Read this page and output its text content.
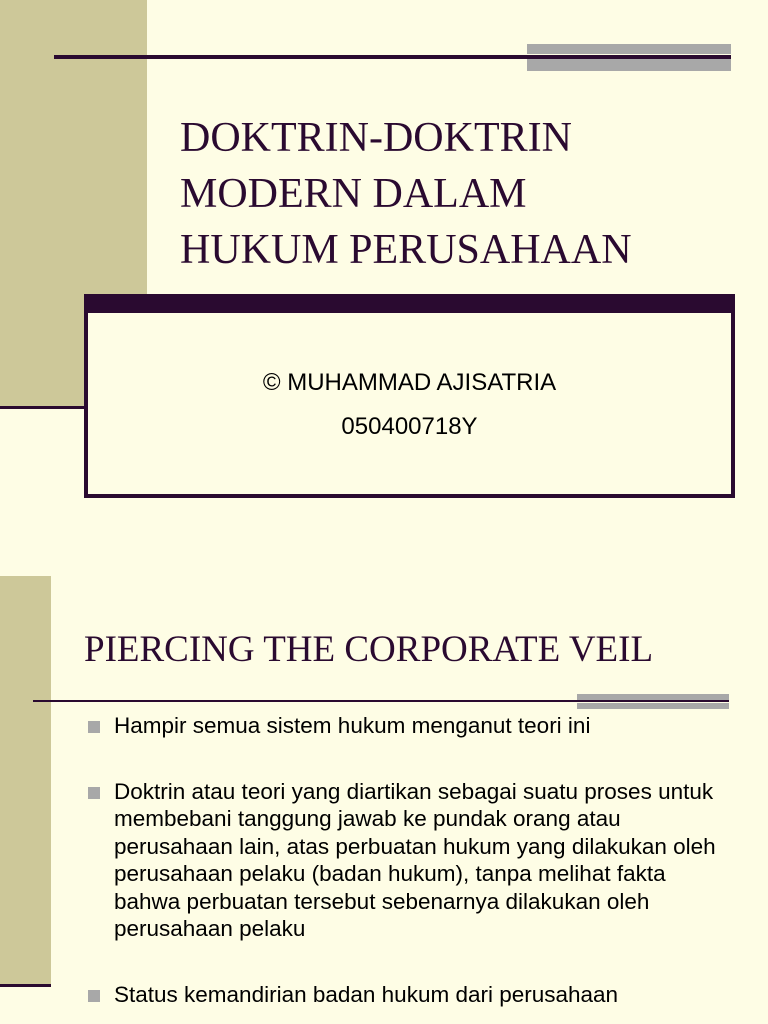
DOKTRIN-DOKTRIN
MODERN DALAM
HUKUM PERUSAHAAN
© MUHAMMAD AJISATRIA
050400718Y
PIERCING THE CORPORATE VEIL
Hampir semua sistem hukum menganut teori ini
Doktrin atau teori yang diartikan sebagai suatu proses untuk membebani tanggung jawab ke pundak orang atau perusahaan lain, atas perbuatan hukum yang dilakukan oleh perusahaan pelaku (badan hukum), tanpa melihat fakta bahwa perbuatan tersebut sebenarnya dilakukan oleh perusahaan pelaku
Status kemandirian badan hukum dari perusahaan
